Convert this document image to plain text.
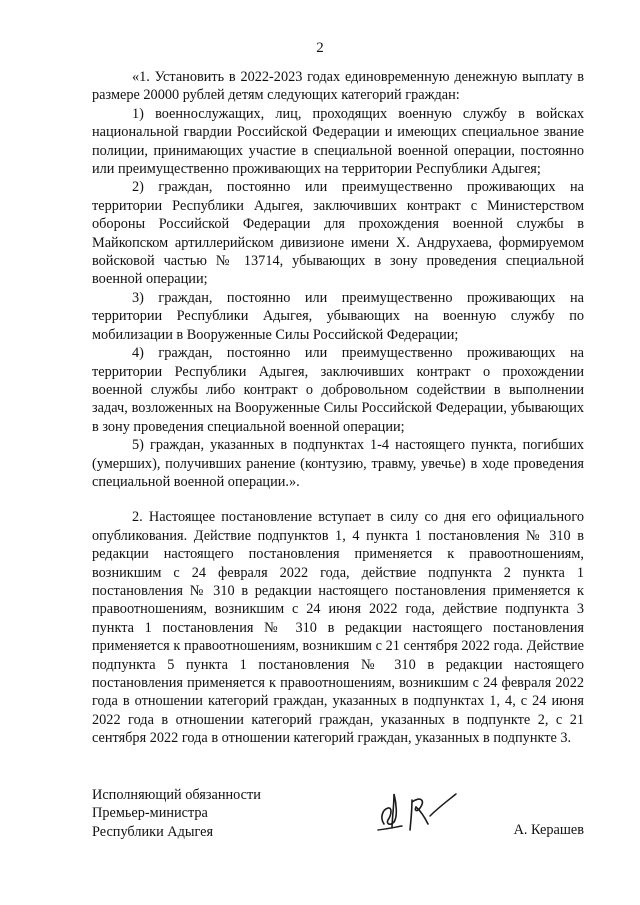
2

«1. Установить в 2022-2023 годах единовременную денежную выплату в размере 20000 рублей детям следующих категорий граждан:

1) военнослужащих, лиц, проходящих военную службу в войсках национальной гвардии Российской Федерации и имеющих специальное звание полиции, принимающих участие в специальной военной операции, постоянно или преимущественно проживающих на территории Республики Адыгея;

2) граждан, постоянно или преимущественно проживающих на территории Республики Адыгея, заключивших контракт с Министерством обороны Российской Федерации для прохождения военной службы в Майкопском артиллерийском дивизионе имени Х. Андрухаева, формируемом войсковой частью № 13714, убывающих в зону проведения специальной военной операции;

3) граждан, постоянно или преимущественно проживающих на территории Республики Адыгея, убывающих на военную службу по мобилизации в Вооруженные Силы Российской Федерации;

4) граждан, постоянно или преимущественно проживающих на территории Республики Адыгея, заключивших контракт о прохождении военной службы либо контракт о добровольном содействии в выполнении задач, возложенных на Вооруженные Силы Российской Федерации, убывающих в зону проведения специальной военной операции;

5) граждан, указанных в подпунктах 1-4 настоящего пункта, погибших (умерших), получивших ранение (контузию, травму, увечье) в ходе проведения специальной военной операции.».

2. Настоящее постановление вступает в силу со дня его официального опубликования. Действие подпунктов 1, 4 пункта 1 постановления № 310 в редакции настоящего постановления применяется к правоотношениям, возникшим с 24 февраля 2022 года, действие подпункта 2 пункта 1 постановления № 310 в редакции настоящего постановления применяется к правоотношениям, возникшим с 24 июня 2022 года, действие подпункта 3 пункта 1 постановления № 310 в редакции настоящего постановления применяется к правоотношениям, возникшим с 21 сентября 2022 года. Действие подпункта 5 пункта 1 постановления № 310 в редакции настоящего постановления применяется к правоотношениям, возникшим с 24 февраля 2022 года в отношении категорий граждан, указанных в подпунктах 1, 4, с 24 июня 2022 года в отношении категорий граждан, указанных в подпункте 2, с 21 сентября 2022 года в отношении категорий граждан, указанных в подпункте 3.

Исполняющий обязанности
Премьер-министра
Республики Адыгея	А. Керашев
